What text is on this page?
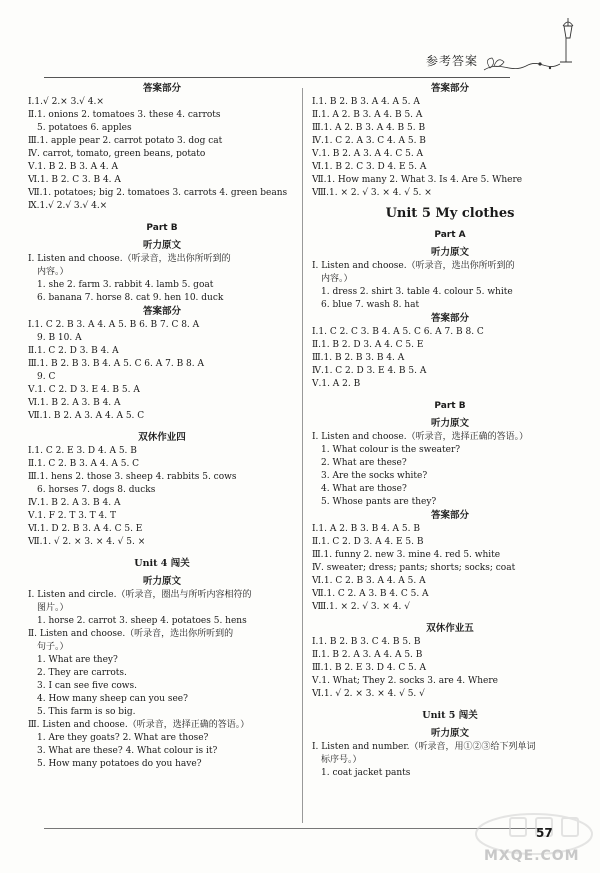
参考答案
答案部分
Ⅰ.1.√ 2.× 3.√ 4.×
Ⅱ.1. onions 2. tomatoes 3. these 4. carrots
5. potatoes 6. apples
Ⅲ.1. apple pear 2. carrot potato 3. dog cat
Ⅳ. carrot, tomato, green beans, potato
Ⅴ.1. B 2. B 3. A 4. A
Ⅵ.1. B 2. C 3. B 4. A
Ⅶ.1. potatoes; big 2. tomatoes 3. carrots 4. green beans
Ⅸ.1.√ 2.√ 3.√ 4.×
Part B
听力原文
Ⅰ. Listen and choose.（听录音，选出你所听到的
内容。）
1. she 2. farm 3. rabbit 4. lamb 5. goat
6. banana 7. horse 8. cat 9. hen 10. duck
答案部分
Ⅰ.1. C 2. B 3. A 4. A 5. B 6. B 7. C 8. A
9. B 10. A
Ⅱ.1. C 2. D 3. B 4. A
Ⅲ.1. B 2. B 3. B 4. A 5. C 6. A 7. B 8. A
9. C
Ⅴ.1. C 2. D 3. E 4. B 5. A
Ⅵ.1. B 2. A 3. B 4. A
Ⅶ.1. B 2. A 3. A 4. A 5. C
双休作业四
Ⅰ.1. C 2. E 3. D 4. A 5. B
Ⅱ.1. C 2. B 3. A 4. A 5. C
Ⅲ.1. hens 2. those 3. sheep 4. rabbits 5. cows
6. horses 7. dogs 8. ducks
Ⅳ.1. B 2. A 3. B 4. A
Ⅴ.1. F 2. T 3. T 4. T
Ⅵ.1. D 2. B 3. A 4. C 5. E
Ⅶ.1. √ 2. × 3. × 4. √ 5. ×
Unit 4 闯关
听力原文
Ⅰ. Listen and circle.（听录音，圈出与所听内容相符的
图片。）
1. horse 2. carrot 3. sheep 4. potatoes 5. hens
Ⅱ. Listen and choose.（听录音，选出你所听到的
句子。）
1. What are they?
2. They are carrots.
3. I can see five cows.
4. How many sheep can you see?
5. This farm is so big.
Ⅲ. Listen and choose.（听录音，选择正确的答语。）
1. Are they goats? 2. What are those?
3. What are these? 4. What colour is it?
5. How many potatoes do you have?
答案部分
Ⅰ.1. B 2. B 3. A 4. A 5. A
Ⅱ.1. A 2. B 3. A 4. B 5. A
Ⅲ.1. A 2. B 3. A 4. B 5. B
Ⅳ.1. C 2. A 3. C 4. A 5. B
Ⅴ.1. B 2. A 3. A 4. C 5. A
Ⅵ.1. B 2. C 3. D 4. E 5. A
Ⅶ.1. How many 2. What 3. Is 4. Are 5. Where
Ⅷ.1. × 2. √ 3. × 4. √ 5. ×
Unit 5 My clothes
Part A
听力原文
Ⅰ. Listen and choose.（听录音，选出你所听到的
内容。）
1. dress 2. shirt 3. table 4. colour 5. white
6. blue 7. wash 8. hat
答案部分
Ⅰ.1. C 2. C 3. B 4. A 5. C 6. A 7. B 8. C
Ⅱ.1. B 2. D 3. A 4. C 5. E
Ⅲ.1. B 2. B 3. B 4. A
Ⅳ.1. C 2. D 3. E 4. B 5. A
Ⅴ.1. A 2. B
Part B
听力原文
Ⅰ. Listen and choose.（听录音，选择正确的答语。）
1. What colour is the sweater?
2. What are these?
3. Are the socks white?
4. What are those?
5. Whose pants are they?
答案部分
Ⅰ.1. A 2. B 3. B 4. A 5. B
Ⅱ.1. C 2. D 3. A 4. E 5. B
Ⅲ.1. funny 2. new 3. mine 4. red 5. white
Ⅳ. sweater; dress; pants; shorts; socks; coat
Ⅵ.1. C 2. B 3. A 4. A 5. A
Ⅶ.1. C 2. A 3. B 4. C 5. A
Ⅷ.1. × 2. √ 3. × 4. √
双休作业五
Ⅰ.1. B 2. B 3. C 4. B 5. B
Ⅱ.1. B 2. A 3. A 4. A 5. B
Ⅲ.1. B 2. E 3. D 4. C 5. A
Ⅴ.1. What; They 2. socks 3. are 4. Where
Ⅵ.1. √ 2. × 3. × 4. √ 5. √
Unit 5 闯关
听力原文
Ⅰ. Listen and number.（听录音，用①②③给下列单词
标序号。）
1. coat jacket pants
MXQE.COM
57
